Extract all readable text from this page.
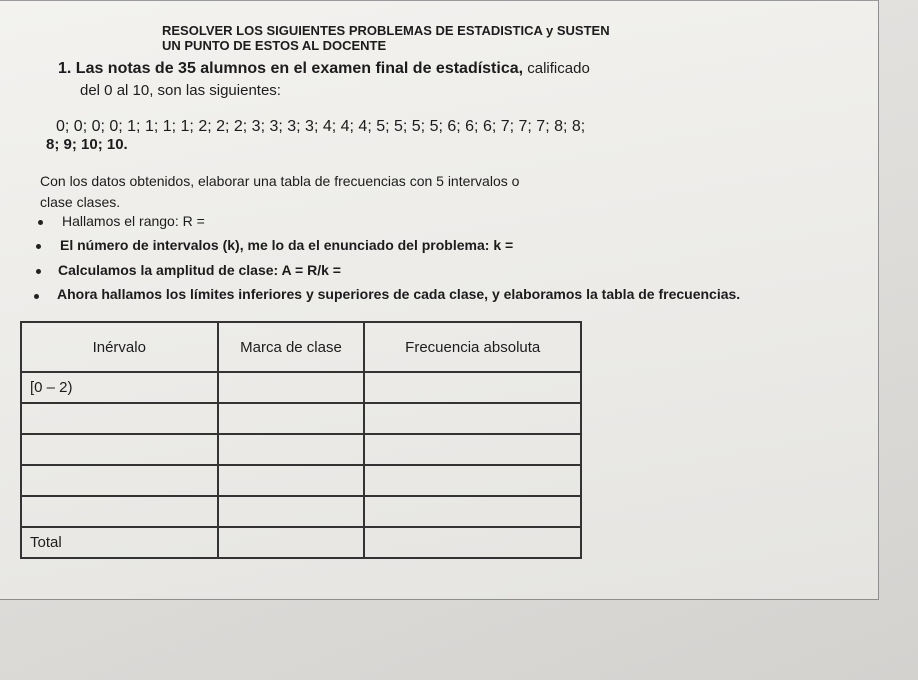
RESOLVER LOS SIGUIENTES PROBLEMAS DE ESTADISTICA y SUSTEN
UN PUNTO DE ESTOS AL DOCENTE
1. Las notas de 35 alumnos en el examen final de estadística, calificado
del 0 al 10, son las siguientes:
0; 0; 0; 0; 1; 1; 1; 1; 2; 2; 2; 3; 3; 3; 3; 4; 4; 4; 5; 5; 5; 5; 6; 6; 6; 7; 7; 7; 8; 8;
8; 9; 10; 10.
Con los datos obtenidos, elaborar una tabla de frecuencias con 5 intervalos o
clase clases.
Hallamos el rango: R =
El número de intervalos (k), me lo da el enunciado del problema: k =
Calculamos la amplitud de clase: A = R/k =
Ahora hallamos los límites inferiores y superiores de cada clase, y elaboramos la tabla de frecuencias.
Inérvalo	Marca de clase	Frecuencia absoluta
[0 – 2)		

Total		
